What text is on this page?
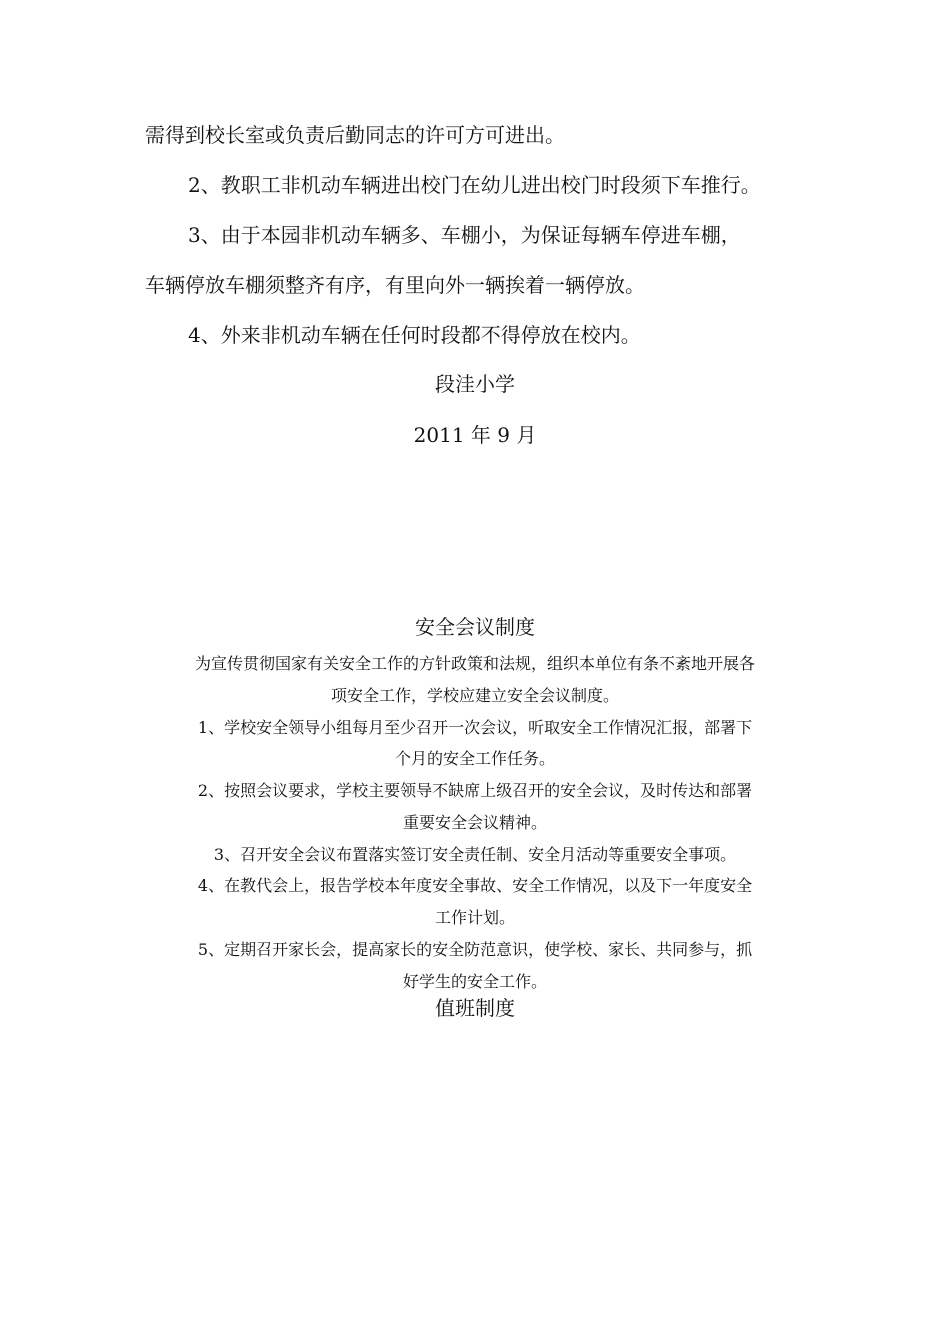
需得到校长室或负责后勤同志的许可方可进出。
2、教职工非机动车辆进出校门在幼儿进出校门时段须下车推行。
3、由于本园非机动车辆多、车棚小，为保证每辆车停进车棚，
车辆停放车棚须整齐有序，有里向外一辆挨着一辆停放。
4、外来非机动车辆在任何时段都不得停放在校内。
段洼小学
2011 年 9 月
安全会议制度
为宣传贯彻国家有关安全工作的方针政策和法规，组织本单位有条不紊地开展各
项安全工作，学校应建立安全会议制度。
1、学校安全领导小组每月至少召开一次会议，听取安全工作情况汇报，部署下
个月的安全工作任务。
2、按照会议要求，学校主要领导不缺席上级召开的安全会议，及时传达和部署
重要安全会议精神。
3、召开安全会议布置落实签订安全责任制、安全月活动等重要安全事项。
4、在教代会上，报告学校本年度安全事故、安全工作情况，以及下一年度安全
工作计划。
5、定期召开家长会，提高家长的安全防范意识，使学校、家长、共同参与，抓
好学生的安全工作。
值班制度
